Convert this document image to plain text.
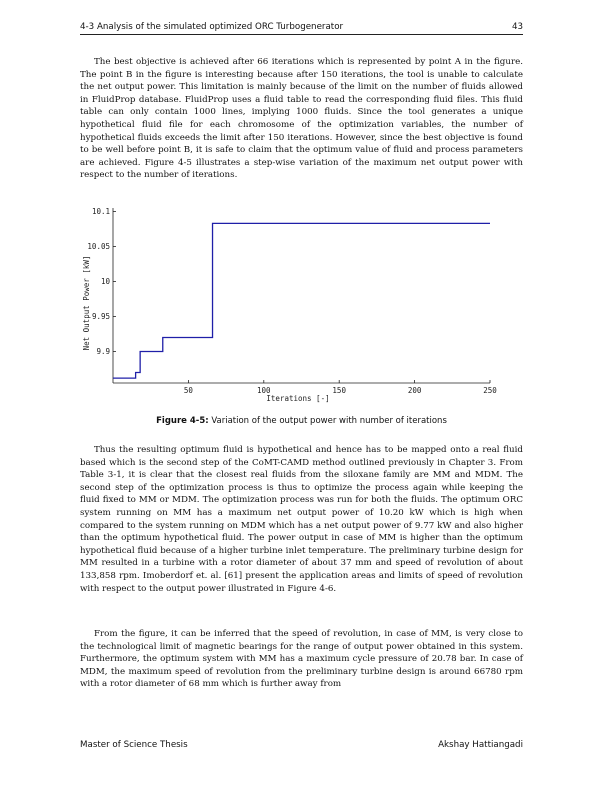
4-3 Analysis of the simulated optimized ORC Turbogenerator	43

The best objective is achieved after 66 iterations which is represented by point A in the figure. The point B in the figure is interesting because after 150 iterations, the tool is unable to calculate the net output power. This limitation is mainly because of the limit on the number of fluids allowed in FluidProp database. FluidProp uses a fluid table to read the corresponding fluid files. This fluid table can only contain 1000 lines, implying 1000 fluids. Since the tool generates a unique hypothetical fluid file for each chromosome of the optimization variables, the number of hypothetical fluids exceeds the limit after 150 iterations. However, since the best objective is found to be well before point B, it is safe to claim that the optimum value of fluid and process parameters are achieved. Figure 4-5 illustrates a step-wise variation of the maximum net output power with respect to the number of iterations.

50	100	150	200	250
9.9
9.95
10
10.05
10.1
Iterations [-]
Net Output Power [kW]
Figure 4-5: Variation of the output power with number of iterations

Thus the resulting optimum fluid is hypothetical and hence has to be mapped onto a real fluid based which is the second step of the CoMT-CAMD method outlined previously in Chapter 3. From Table 3-1, it is clear that the closest real fluids from the siloxane family are MM and MDM. The second step of the optimization process is thus to optimize the process again while keeping the fluid fixed to MM or MDM. The optimization process was run for both the fluids. The optimum ORC system running on MM has a maximum net output power of 10.20 kW which is high when compared to the system running on MDM which has a net output power of 9.77 kW and also higher than the optimum hypothetical fluid. The power output in case of MM is higher than the optimum hypothetical fluid because of a higher turbine inlet temperature. The preliminary turbine design for MM resulted in a turbine with a rotor diameter of about 37 mm and speed of revolution of about 133,858 rpm. Imoberdorf et. al. [61] present the application areas and limits of speed of revolution with respect to the output power illustrated in Figure 4-6.

From the figure, it can be inferred that the speed of revolution, in case of MM, is very close to the technological limit of magnetic bearings for the range of output power obtained in this system. Furthermore, the optimum system with MM has a maximum cycle pressure of 20.78 bar. In case of MDM, the maximum speed of revolution from the preliminary turbine design is around 66780 rpm with a rotor diameter of 68 mm which is further away from

Master of Science Thesis	Akshay Hattiangadi
